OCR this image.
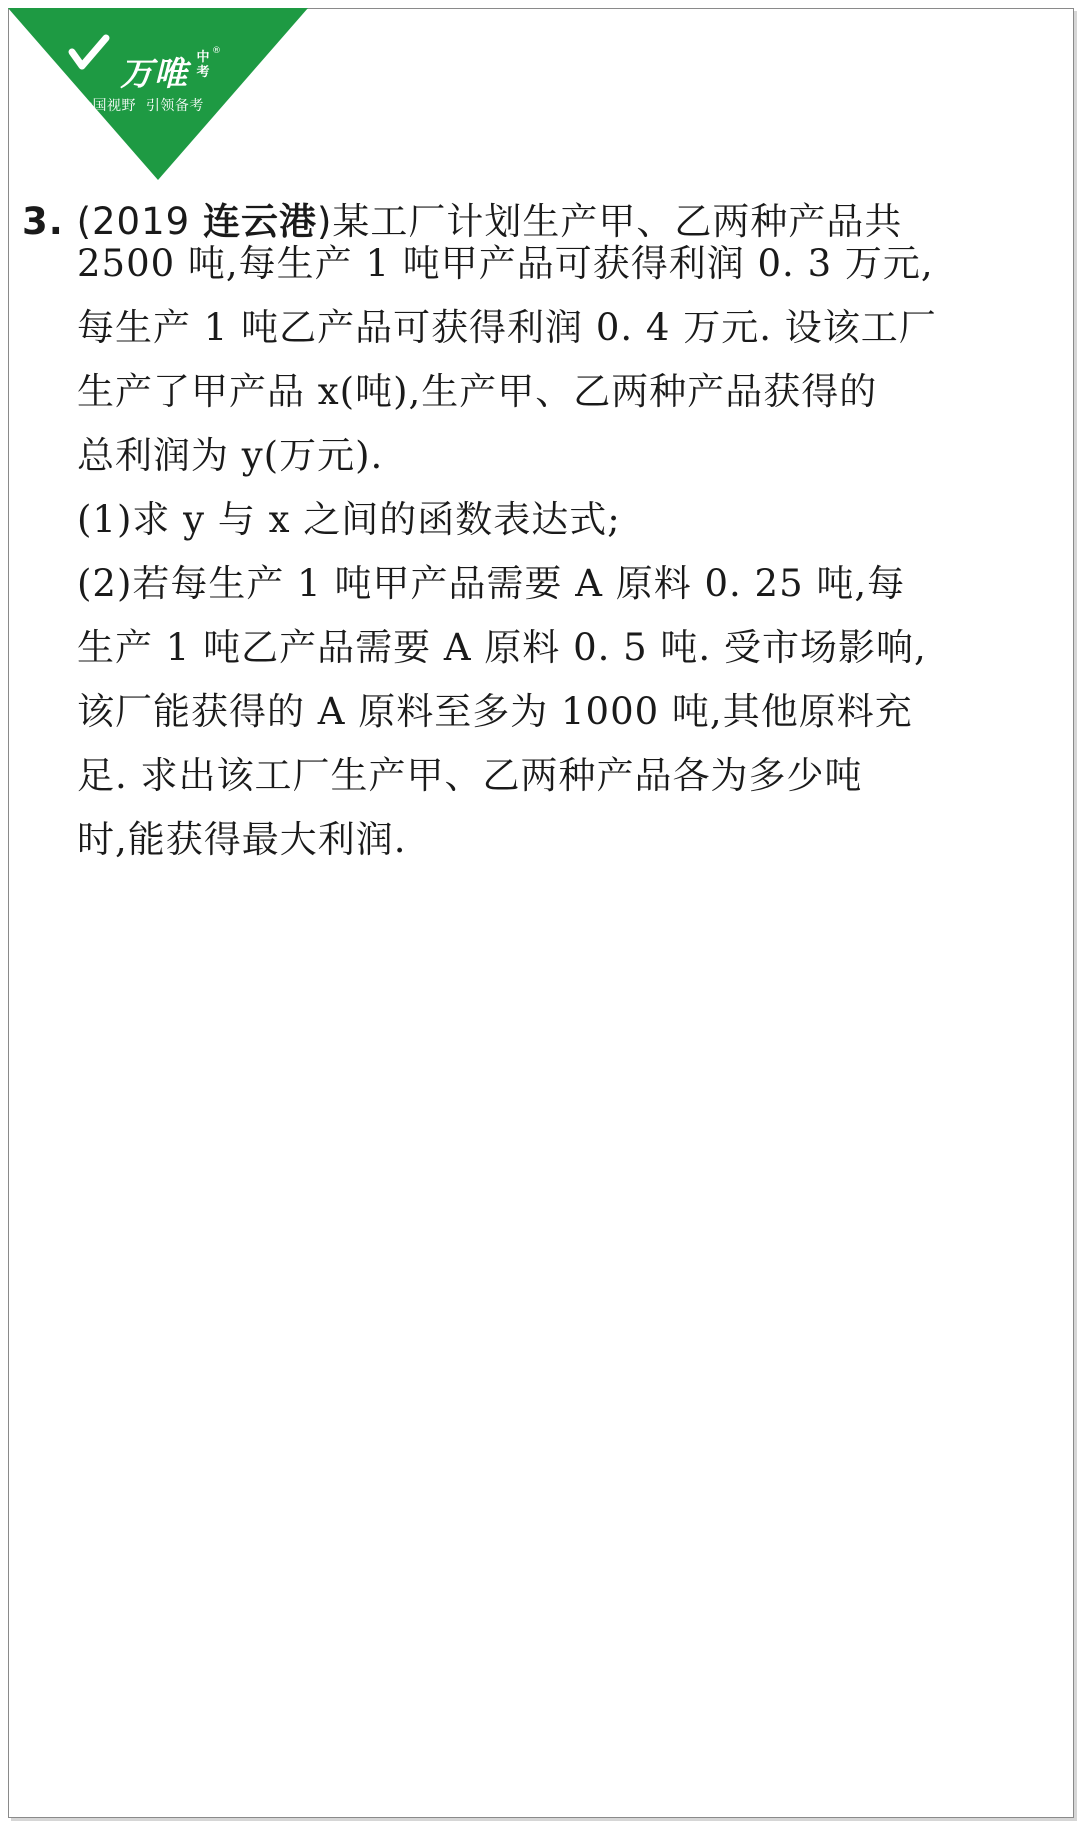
万唯 中考
®
全国视野  引领备考
3. (2019 连云港)某工厂计划生产甲、乙两种产品共
2500 吨,每生产 1 吨甲产品可获得利润 0. 3 万元,
每生产 1 吨乙产品可获得利润 0. 4 万元. 设该工厂
生产了甲产品 x(吨),生产甲、乙两种产品获得的
总利润为 y(万元).
(1)求 y 与 x 之间的函数表达式;
(2)若每生产 1 吨甲产品需要 A 原料 0. 25 吨,每
生产 1 吨乙产品需要 A 原料 0. 5 吨. 受市场影响,
该厂能获得的 A 原料至多为 1000 吨,其他原料充
足. 求出该工厂生产甲、乙两种产品各为多少吨
时,能获得最大利润.
